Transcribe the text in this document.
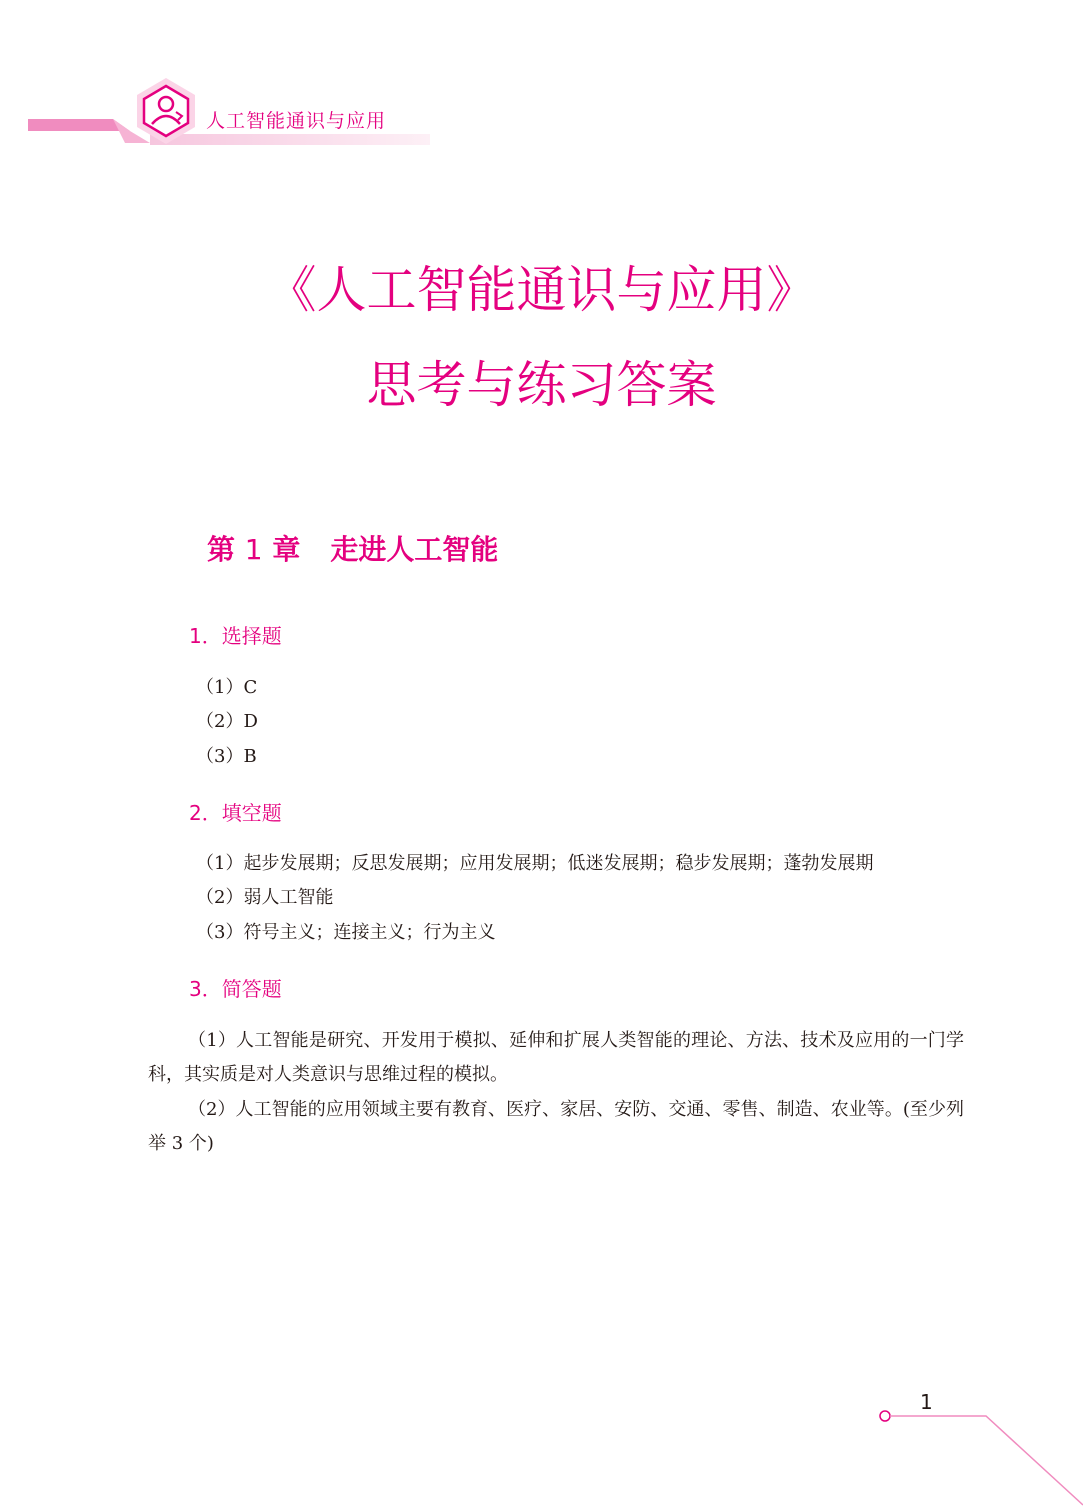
人工智能通识与应用
《人工智能通识与应用》
思考与练习答案
第 1 章 走进人工智能
1．选择题
（1）C
（2）D
（3）B
2．填空题
（1）起步发展期；反思发展期；应用发展期；低迷发展期；稳步发展期；蓬勃发展期
（2）弱人工智能
（3）符号主义；连接主义；行为主义
3．简答题
（1）人工智能是研究、开发用于模拟、延伸和扩展人类智能的理论、方法、技术及应用的一门学科，其实质是对人类意识与思维过程的模拟。
（2）人工智能的应用领域主要有教育、医疗、家居、安防、交通、零售、制造、农业等。(至少列举 3 个)
1
